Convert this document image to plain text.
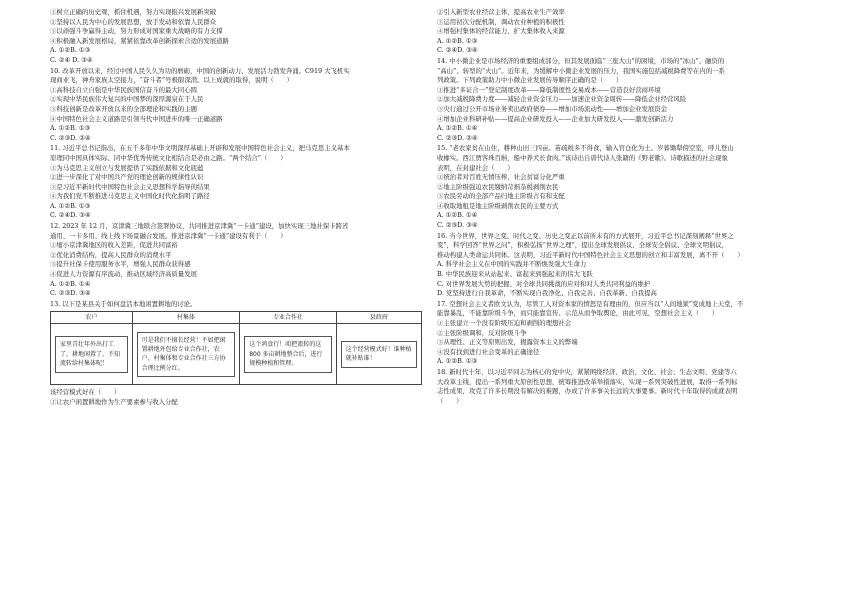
①树立正确的历史观，抓住机遇，努力实现振兴发展新突破
②坚持以人民为中心的发展思想，放手发动和依靠人民群众
③以顽强斗争赢得主动，努力形成对国家重大战略的有力支撑
④积极融入新发展格局，紧紧依靠改革创新探索合适的发展道路
A. ①②B. ①③
C. ②④ D. ③④
10. 改革开放以来，经过中国人民久久为功的磨砺，中国的创新动力、发展活力勃发奔涌。C919 大飞机实
现商业飞，神舟家族太空接力，“奋斗者”号极限深潜。以上成就的取得，说明（　　）
①高科技自立自强是中华民族国信奋斗的最大同心圆
②实现中华民族伟大复兴的中国梦的深厚源泉在于人民
③科技创新是改革开放以来的全部理论和实践的主题
④中国特色社会主义道路是引领当代中国进步的唯一正确道路
A. ①②B. ①③
C. ②③D. ②④
11. 习近平总书记指出，在五千多年中华文明深厚基础上开辟和发展中国特色社会主义，把马克思主义基本
原理同中国具体实际、同中华优秀传统文化相结合是必由之路。“两个结合”（　　）
①为马克思主义创立与发展提供了实践依据和文化底蕴
②进一步深化了对中国共产党的理论创新的规律性认识
③是习近平新时代中国特色社会主义思想科学指导的结果
④为我们党不断推进马克思主义中国化时代化指明了路径
A. ①②B. ①③
C. ②④D. ③④
12. 2023 年 12 月，京津冀三地联合签署协议，共同推进京津冀“一卡通”建设，加快实现三地社保卡跨省
通用、一卡多用、线上线下场景融合发展。推进京津冀“一卡通”建设有利于（　　）
①缩小京津冀地区的收入差距，促进共同富裕
②优化消费结构，提高人民群众的消费水平
③提升社保卡使用服务水平，增强人民群众获得感
④促进人力资源有序流动，推动区域经济高质量发展
A. ①②B. ①④
C. ②③D. ③④
13. 以下是某县关于如何盘活本地闲置耕地的讨论。
农户	村集体	专业合作社	县政府

家里青壮年外出打工了，耕地闲置了，不知流转给村集体呢！	可是我们不擅长经营！不如把闲置耕地外包给专业合作社，农户、村集体和专业合作社三方协合理比例分红。	这个鸿食行！咱把流转的这 800 多亩耕地整合后，进行规模种植和管理。	这个经营模式好！谁种植就补贴谁！
该经营模式好在（　　）
①让农户闲置耕地作为生产要素参与收入分配
②引入新型农业经营主体，提高农业生产效率
③运用初次分配机制，调动农业种植的积极性
④增强村集体的经营能力，扩大集体收入来源
A. ①②B. ①③
C. ②④D. ③④
14. 中小微企业是市场经济的重要组成部分，但其发展面临“三座大山”的困境，市场的“冰山”、融资的
“高山”、转型的“火山”。近年来，为缓解中小微企业发展的压力，我国实施包括减税降费等在内的一系
列政策。下列政策助力中小微企业发展传导顺序正确的是（　　）
①推进“多证合一”登记制度改革——降低制度性交易成本——营造良好营商环境
②加大减税降费力度——减轻企业资金压力——加速企业资金周转——降低企业经营风险
③央行通过公开市场业务卖出政府债券——增加市场流动性——增加企业发展资金
④增加企业科研补贴——提高企业研发投入——企业加大研发投入——激发创新活力
A. ①②B. ①④
C. ②③D. ②④
15. “老农家贫在山住，耕种山田三四亩。苗疏税多不得食，输入官仓化为土。岁暮锄犁傍空室，呼儿登山
收橡实。西江贾客珠百斛，船中养犬长食肉。”该诗出自唐代诗人张籍的《野老歌》。诗歌描述的社会现象
表明，在封建社会（　　）
①统治者对百姓无情压榨，社会贫富分化严重
②地主阶级强迫农民缴纳苛捐杂税剥削农民
③农民劳动的全部产品归地主阶级占有和支配
④收取地租是地主阶级剥削农民的主要方式
A. ①②B. ①④
C. ②③D. ③④
16. 当今世界，世界之变、时代之变、历史之变正以前所未有的方式展开，习近平总书记深刻阐释“世界之
变”，科学回答“世界之问”，积极弘扬“世界之理”，提出全球发展倡议、全球安全倡议、全球文明倡议，
推动构建人类命运共同体。这表明，习近平新时代中国特色社会主义思想的创立和丰富发展，离不开（　　）
A. 科学社会主义在中国的实践并不断焕发强大生命力
B. 中华民族迎来从站起来、富起来到强起来的伟大飞跃
C. 对世界发展大势的把握、对全球共同挑战的应对和对人类共同利益的维护
D. 党坚持进行自我革命，不断实现自我净化、自我完善、自我革新、自我提高
17. 空想社会主义者欧文认为，尽管工人对资本家的愤怒是有理由的，但应当以“人间地狱”变成地上天堂，不
能靠暴乱，不能靠阶级斗争，而只能靠宣传、示范从而争取舆论，由此可见，空想社会主义（　　）
①主张建立一个没有阶级压迫和剥削的理想社会
②主张阶级调和，反对阶级斗争
③从理性、正义等原则出发，揭露资本主义的弊端
④没有找到进行社会变革的正确途径
A. ①②B. ①③
18. 新时代十年，以习近平同志为核心的党中央，紧紧围绕经济、政治、文化、社会、生态文明、党建等六
大改革主线，提出一系列重大原创性思想，统筹推进改革举措落实，实现一系列突破性进展，取得一系列标
志性成果，攻克了许多长期没有解决的难题，办成了许多事关长远的大事要事。新时代十年取得的成就表明
（　　）
